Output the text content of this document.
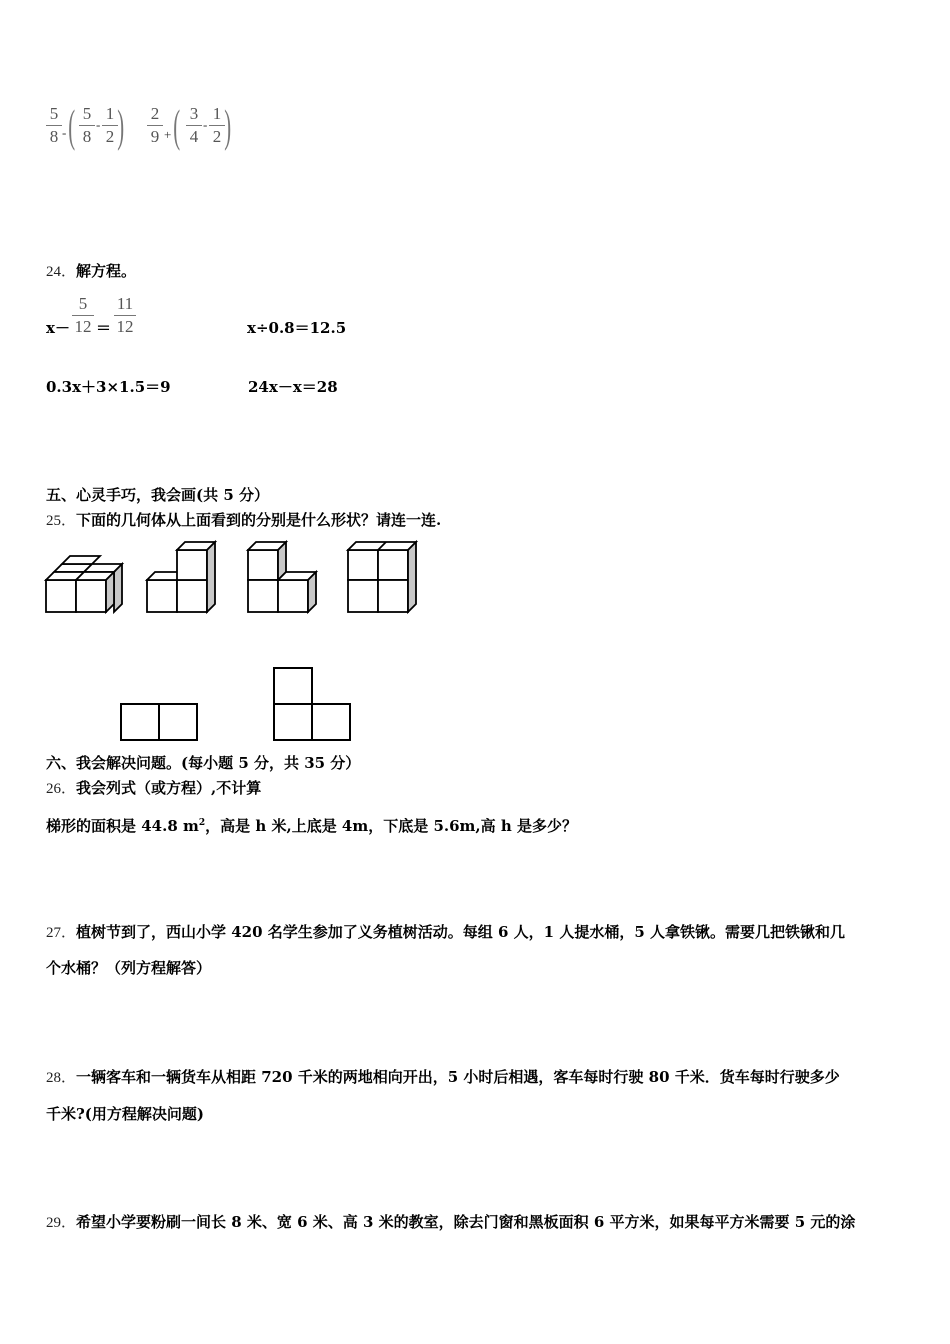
5
8 - ( 5
8
-
1
2 ) 2
9 + ( 3
4
-
1
2 )
24．解方程。
x－
5
12 ＝
11
12	x÷0.8＝12.5
0.3x＋3×1.5＝9	24x－x＝28
五、心灵手巧，我会画(共 5 分）
25．下面的几何体从上面看到的分别是什么形状？请连一连.
六、我会解决问题。(每小题 5 分，共 35 分）
26．我会列式（或方程）,不计算
梯形的面积是 44.8 $m^2$，高是 h 米,上底是 4m，下底是 5.6m,高 h 是多少？
27．植树节到了，西山小学 420 名学生参加了义务植树活动。每组 6 人，1 人提水桶，5 人拿铁锹。需要几把铁锹和几
个水桶？（列方程解答）
28．一辆客车和一辆货车从相距 720 千米的两地相向开出，5 小时后相遇，客车每时行驶 80 千米．货车每时行驶多少
千米?(用方程解决问题)
29．希望小学要粉刷一间长 8 米、宽 6 米、高 3 米的教室，除去门窗和黑板面积 6 平方米，如果每平方米需要 5 元的涂
